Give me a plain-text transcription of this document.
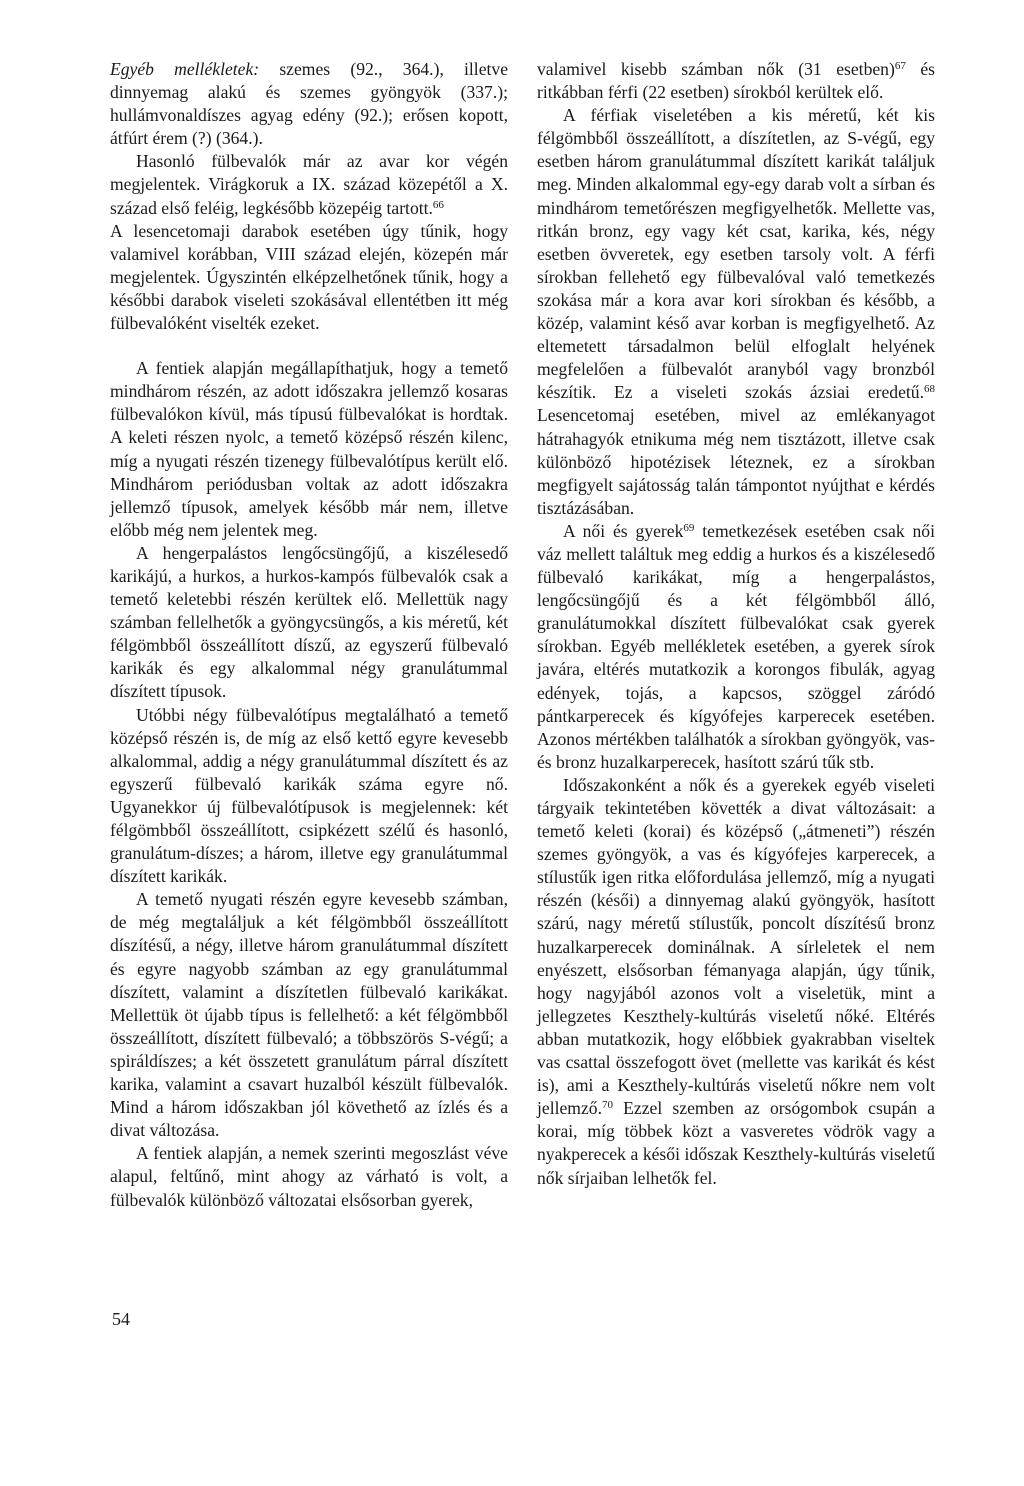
Egyéb mellékletek: szemes (92., 364.), illetve dinnyemag alakú és szemes gyöngyök (337.); hullámvonaldíszes agyag edény (92.); erősen kopott, átfúrt érem (?) (364.).

Hasonló fülbevalók már az avar kor végén megjelentek. Virágkoruk a IX. század közepétől a X. század első feléig, legkésőbb közepéig tartott.$^{66}$

A lesencetomaji darabok esetében úgy tűnik, hogy valamivel korábban, VIII század elején, közepén már megjelentek. Úgyszintén elképzelhetőnek tűnik, hogy a későbbi darabok viseleti szokásával ellentétben itt még fülbevalóként viselték ezeket.

A fentiek alapján megállapíthatjuk, hogy a temető mindhárom részén, az adott időszakra jellemző kosaras fülbevalókon kívül, más típusú fülbevalókat is hordtak. A keleti részen nyolc, a temető középső részén kilenc, míg a nyugati részén tizenegy fülbevalótípus került elő. Mindhárom periódusban voltak az adott időszakra jellemző típusok, amelyek később már nem, illetve előbb még nem jelentek meg.

A hengerpalástos lengőcsüngőjű, a kiszélesedő karikájú, a hurkos, a hurkos-kampós fülbevalók csak a temető keletebbi részén kerültek elő. Mellettük nagy számban fellelhetők a gyöngycsüngős, a kis méretű, két félgömbből összeállított díszű, az egyszerű fülbevaló karikák és egy alkalommal négy granulátummal díszített típusok.

Utóbbi négy fülbevalótípus megtalálható a temető középső részén is, de míg az első kettő egyre kevesebb alkalommal, addig a négy granulátummal díszített és az egyszerű fülbevaló karikák száma egyre nő. Ugyanekkor új fülbevalótípusok is megjelennek: két félgömbből összeállított, csipkézett szélű és hasonló, granulátum-díszes; a három, illetve egy granulátummal díszített karikák.

A temető nyugati részén egyre kevesebb számban, de még megtaláljuk a két félgömbből összeállított díszítésű, a négy, illetve három granulátummal díszített és egyre nagyobb számban az egy granulátummal díszített, valamint a díszítetlen fülbevaló karikákat. Mellettük öt újabb típus is fellelhető: a két félgömbből összeállított, díszített fülbevaló; a többszörös S-végű; a spiráldíszes; a két összetett granulátum párral díszített karika, valamint a csavart huzalból készült fülbevalók. Mind a három időszakban jól követhető az ízlés és a divat változása.

A fentiek alapján, a nemek szerinti megoszlást véve alapul, feltűnő, mint ahogy az várható is volt, a fülbevalók különböző változatai elsősorban gyerek,

valamivel kisebb számban nők (31 esetben)$^{67}$ és ritkábban férfi (22 esetben) sírokból kerültek elő.

A férfiak viseletében a kis méretű, két kis félgömbből összeállított, a díszítetlen, az S-végű, egy esetben három granulátummal díszített karikát találjuk meg. Minden alkalommal egy-egy darab volt a sírban és mindhárom temetőrészen megfigyelhetők. Mellette vas, ritkán bronz, egy vagy két csat, karika, kés, négy esetben övveretek, egy esetben tarsoly volt. A férfi sírokban fellehető egy fülbevalóval való temetkezés szokása már a kora avar kori sírokban és később, a közép, valamint késő avar korban is megfigyelhető. Az eltemetett társadalmon belül elfoglalt helyének megfelelően a fülbevalót aranyból vagy bronzból készítik. Ez a viseleti szokás ázsiai eredetű.$^{68}$ Lesencetomaj esetében, mivel az emlékanyagot hátrahagyók etnikuma még nem tisztázott, illetve csak különböző hipotézisek léteznek, ez a sírokban megfigyelt sajátosság talán támpontot nyújthat e kérdés tisztázásában.

A női és gyerek$^{69}$ temetkezések esetében csak női váz mellett találtuk meg eddig a hurkos és a kiszélesedő fülbevaló karikákat, míg a hengerpalástos, lengőcsüngőjű és a két félgömbből álló, granulátumokkal díszített fülbevalókat csak gyerek sírokban. Egyéb mellékletek esetében, a gyerek sírok javára, eltérés mutatkozik a korongos fibulák, agyag edények, tojás, a kapcsos, szöggel záródó pántkarperecek és kígyófejes karperecek esetében. Azonos mértékben találhatók a sírokban gyöngyök, vas- és bronz huzalkarperecek, hasított szárú tűk stb.

Időszakonként a nők és a gyerekek egyéb viseleti tárgyaik tekintetében követték a divat változásait: a temető keleti (korai) és középső („átmeneti”) részén szemes gyöngyök, a vas és kígyófejes karperecek, a stílustűk igen ritka előfordulása jellemző, míg a nyugati részén (késői) a dinnyemag alakú gyöngyök, hasított szárú, nagy méretű stílustűk, poncolt díszítésű bronz huzalkarperecek dominálnak. A sírleletek el nem enyészett, elsősorban fémanyaga alapján, úgy tűnik, hogy nagyjából azonos volt a viseletük, mint a jellegzetes Keszthely-kultúrás viseletű nőké. Eltérés abban mutatkozik, hogy előbbiek gyakrabban viseltek vas csattal összefogott övet (mellette vas karikát és kést is), ami a Keszthely-kultúrás viseletű nőkre nem volt jellemző.$^{70}$ Ezzel szemben az orsógombok csupán a korai, míg többek közt a vasveretes vödrök vagy a nyakperecek a késői időszak Keszthely-kultúrás viseletű nők sírjaiban lelhetők fel.

54
